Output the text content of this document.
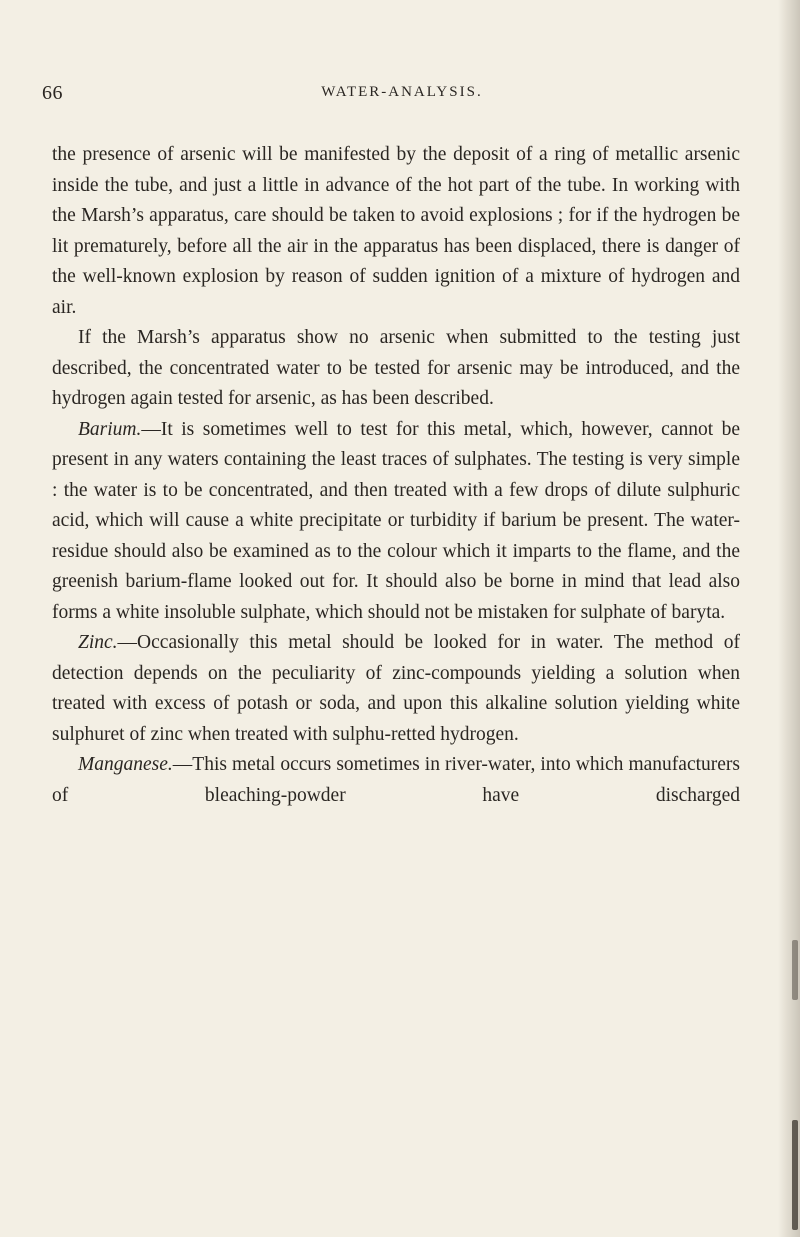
66	WATER-ANALYSIS.

the presence of arsenic will be manifested by the deposit of a ring of metallic arsenic inside the tube, and just a little in advance of the hot part of the tube. In working with the Marsh’s apparatus, care should be taken to avoid explosions ; for if the hydrogen be lit prematurely, before all the air in the apparatus has been displaced, there is danger of the well-known explosion by reason of sudden ignition of a mixture of hydrogen and air.

If the Marsh’s apparatus show no arsenic when submitted to the testing just described, the concentrated water to be tested for arsenic may be introduced, and the hydrogen again tested for arsenic, as has been described.

Barium.—It is sometimes well to test for this metal, which, however, cannot be present in any waters containing the least traces of sulphates. The testing is very simple : the water is to be concentrated, and then treated with a few drops of dilute sulphuric acid, which will cause a white precipitate or turbidity if barium be present. The water-residue should also be examined as to the colour which it imparts to the flame, and the greenish barium-flame looked out for. It should also be borne in mind that lead also forms a white insoluble sulphate, which should not be mistaken for sulphate of baryta.

Zinc.—Occasionally this metal should be looked for in water. The method of detection depends on the peculiarity of zinc-compounds yielding a solution when treated with excess of potash or soda, and upon this alkaline solution yielding white sulphuret of zinc when treated with sulphu-retted hydrogen.

Manganese.—This metal occurs sometimes in river-water, into which manufacturers of bleaching-powder have discharged
